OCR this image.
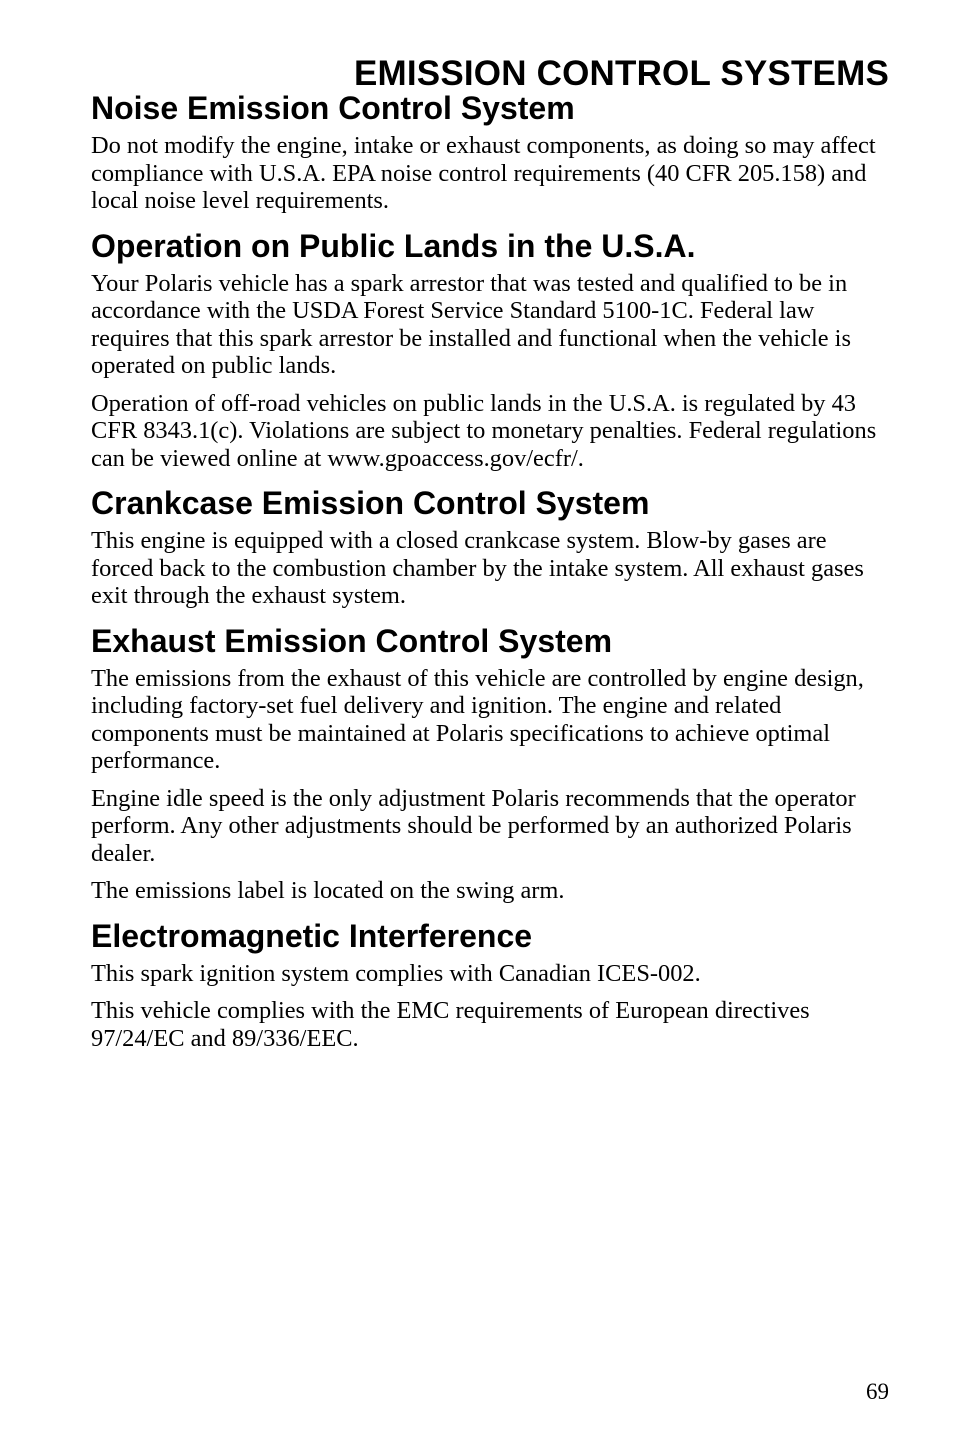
EMISSION CONTROL SYSTEMS
Noise Emission Control System

Do not modify the engine, intake or exhaust components, as doing so may affect compliance with U.S.A. EPA noise control requirements (40 CFR 205.158) and local noise level requirements.

Operation on Public Lands in the U.S.A.

Your Polaris vehicle has a spark arrestor that was tested and qualified to be in accordance with the USDA Forest Service Standard 5100-1C. Federal law requires that this spark arrestor be installed and functional when the vehicle is operated on public lands.

Operation of off-road vehicles on public lands in the U.S.A. is regulated by 43 CFR 8343.1(c). Violations are subject to monetary penalties. Federal regulations can be viewed online at www.gpoaccess.gov/ecfr/.

Crankcase Emission Control System

This engine is equipped with a closed crankcase system. Blow-by gases are forced back to the combustion chamber by the intake system. All exhaust gases exit through the exhaust system.

Exhaust Emission Control System

The emissions from the exhaust of this vehicle are controlled by engine design, including factory-set fuel delivery and ignition. The engine and related components must be maintained at Polaris specifications to achieve optimal performance.

Engine idle speed is the only adjustment Polaris recommends that the operator perform. Any other adjustments should be performed by an authorized Polaris dealer.

The emissions label is located on the swing arm.

Electromagnetic Interference

This spark ignition system complies with Canadian ICES-002.

This vehicle complies with the EMC requirements of European directives 97/24/EC and 89/336/EEC.

69
